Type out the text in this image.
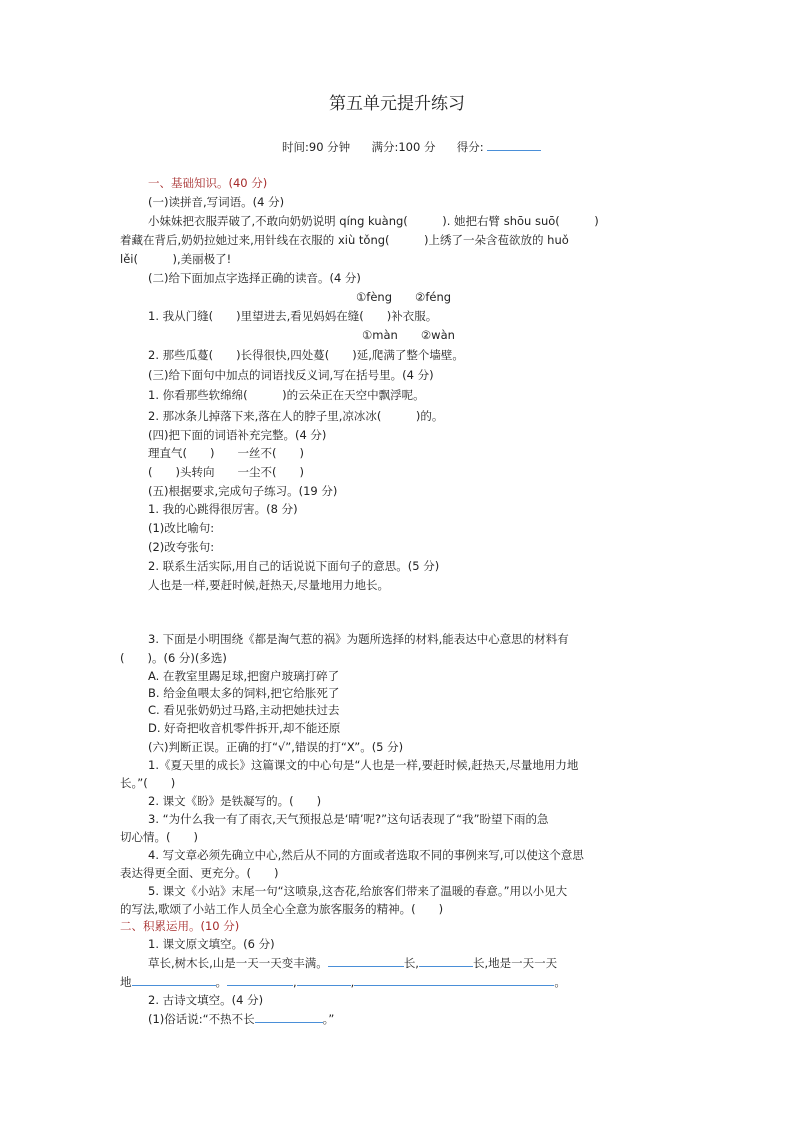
第五单元提升练习
时间:90 分钟 满分:100 分 得分:
一、基础知识。(40 分)
(一)读拼音,写词语。(4 分)
小妹妹把衣服弄破了,不敢向奶奶说明 qíng kuàng(　　　). 她把右臂 shōu suō(　　　)
着藏在背后,奶奶拉她过来,用针线在衣服的 xiù tǒng(　　　)上绣了一朵含苞欲放的 huǒ
lěi(　　　),美丽极了!
(二)给下面加点字选择正确的读音。(4 分)
①fèng　　②féng
1. 我从门缝(　　)里望进去,看见妈妈在缝(　　)补衣服。
①màn　　②wàn
2. 那些瓜蔓(　　)长得很快,四处蔓(　　)延,爬满了整个墙壁。
(三)给下面句中加点的词语找反义词,写在括号里。(4 分)
1. 你看那些软绵绵(　　　)的云朵正在天空中飘浮呢。
2. 那冰条儿掉落下来,落在人的脖子里,凉冰冰(　　　)的。
(四)把下面的词语补充完整。(4 分)
理直气(　　)　　一丝不(　　)
(　　)头转向　　一尘不(　　)
(五)根据要求,完成句子练习。(19 分)
1. 我的心跳得很厉害。(8 分)
(1)改比喻句:
(2)改夸张句:
2. 联系生活实际,用自己的话说说下面句子的意思。(5 分)
人也是一样,要赶时候,赶热天,尽量地用力地长。
3. 下面是小明围绕《都是淘气惹的祸》为题所选择的材料,能表达中心意思的材料有
(　　)。(6 分)(多选)
A. 在教室里踢足球,把窗户玻璃打碎了
B. 给金鱼喂太多的饲料,把它给胀死了
C. 看见张奶奶过马路,主动把她扶过去
D. 好奇把收音机零件拆开,却不能还原
(六)判断正误。正确的打“√”,错误的打“X”。(5 分)
1.《夏天里的成长》这篇课文的中心句是“人也是一样,要赶时候,赶热天,尽量地用力地
长。”(　　)
2. 课文《盼》是铁凝写的。(　　)
3. “为什么我一有了雨衣,天气预报总是‘晴’呢?”这句话表现了“我”盼望下雨的急
切心情。(　　)
4. 写文章必须先确立中心,然后从不同的方面或者选取不同的事例来写,可以使这个意思
表达得更全面、更充分。(　　)
5. 课文《小站》末尾一句“这喷泉,这杏花,给旅客们带来了温暖的春意。”用以小见大
的写法,歌颂了小站工作人员全心全意为旅客服务的精神。(　　)
二、积累运用。(10 分)
1. 课文原文填空。(6 分)
草长,树木长,山是一天一天变丰满。	长,	长,地是一天一天
地	。	,	,	。
2. 古诗文填空。(4 分)
(1)俗话说:“不热不长	。”
